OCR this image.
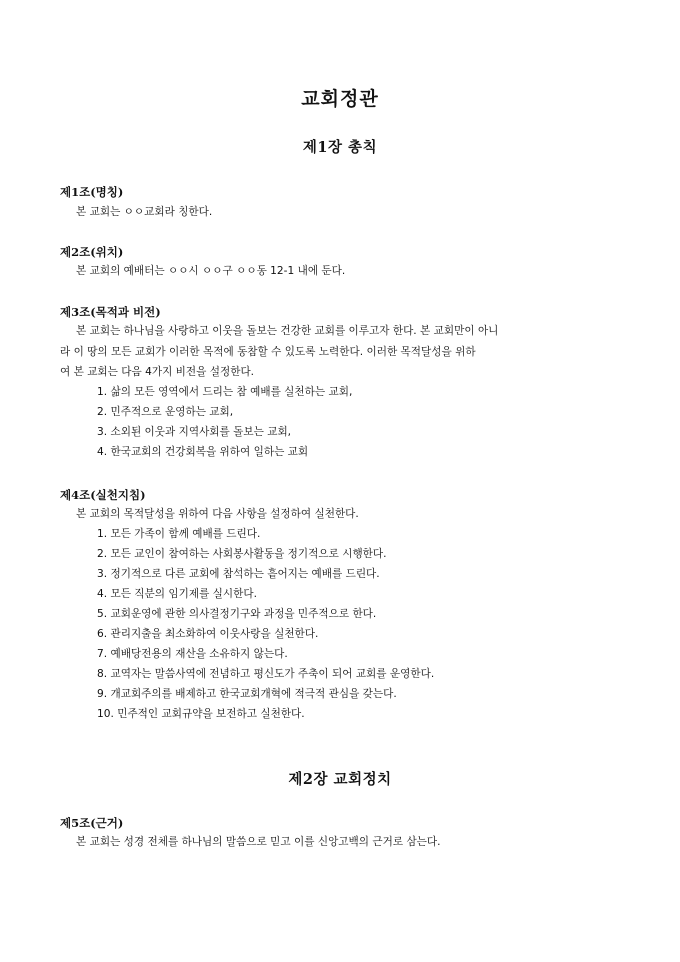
교회정관
제1장 총칙
제1조(명칭)
본 교회는 ㅇㅇ교회라 칭한다.
제2조(위치)
본 교회의 예배터는 ㅇㅇ시 ㅇㅇ구 ㅇㅇ동 12-1 내에 둔다.
제3조(목적과 비전)
본 교회는 하나님을 사랑하고 이웃을 돌보는 건강한 교회를 이루고자 한다. 본 교회만이 아니
라 이 땅의 모든 교회가 이러한 목적에 동참할 수 있도록 노력한다. 이러한 목적달성을 위하
여 본 교회는 다음 4가지 비전을 설정한다.
1. 삶의 모든 영역에서 드리는 참 예배를 실천하는 교회,
2. 민주적으로 운영하는 교회,
3. 소외된 이웃과 지역사회를 돌보는 교회,
4. 한국교회의 건강회복을 위하여 일하는 교회
제4조(실천지침)
본 교회의 목적달성을 위하여 다음 사항을 설정하여 실천한다.
1. 모든 가족이 함께 예배를 드린다.
2. 모든 교인이 참여하는 사회봉사활동을 정기적으로 시행한다.
3. 정기적으로 다른 교회에 참석하는 흩어지는 예배를 드린다.
4. 모든 직분의 임기제를 실시한다.
5. 교회운영에 관한 의사결정기구와 과정을 민주적으로 한다.
6. 관리지출을 최소화하여 이웃사랑을 실천한다.
7. 예배당전용의 재산을 소유하지 않는다.
8. 교역자는 말씀사역에 전념하고 평신도가 주축이 되어 교회를 운영한다.
9. 개교회주의를 배제하고 한국교회개혁에 적극적 관심을 갖는다.
10. 민주적인 교회규약을 보전하고 실천한다.
제2장 교회정치
제5조(근거)
본 교회는 성경 전체를 하나님의 말씀으로 믿고 이를 신앙고백의 근거로 삼는다.
